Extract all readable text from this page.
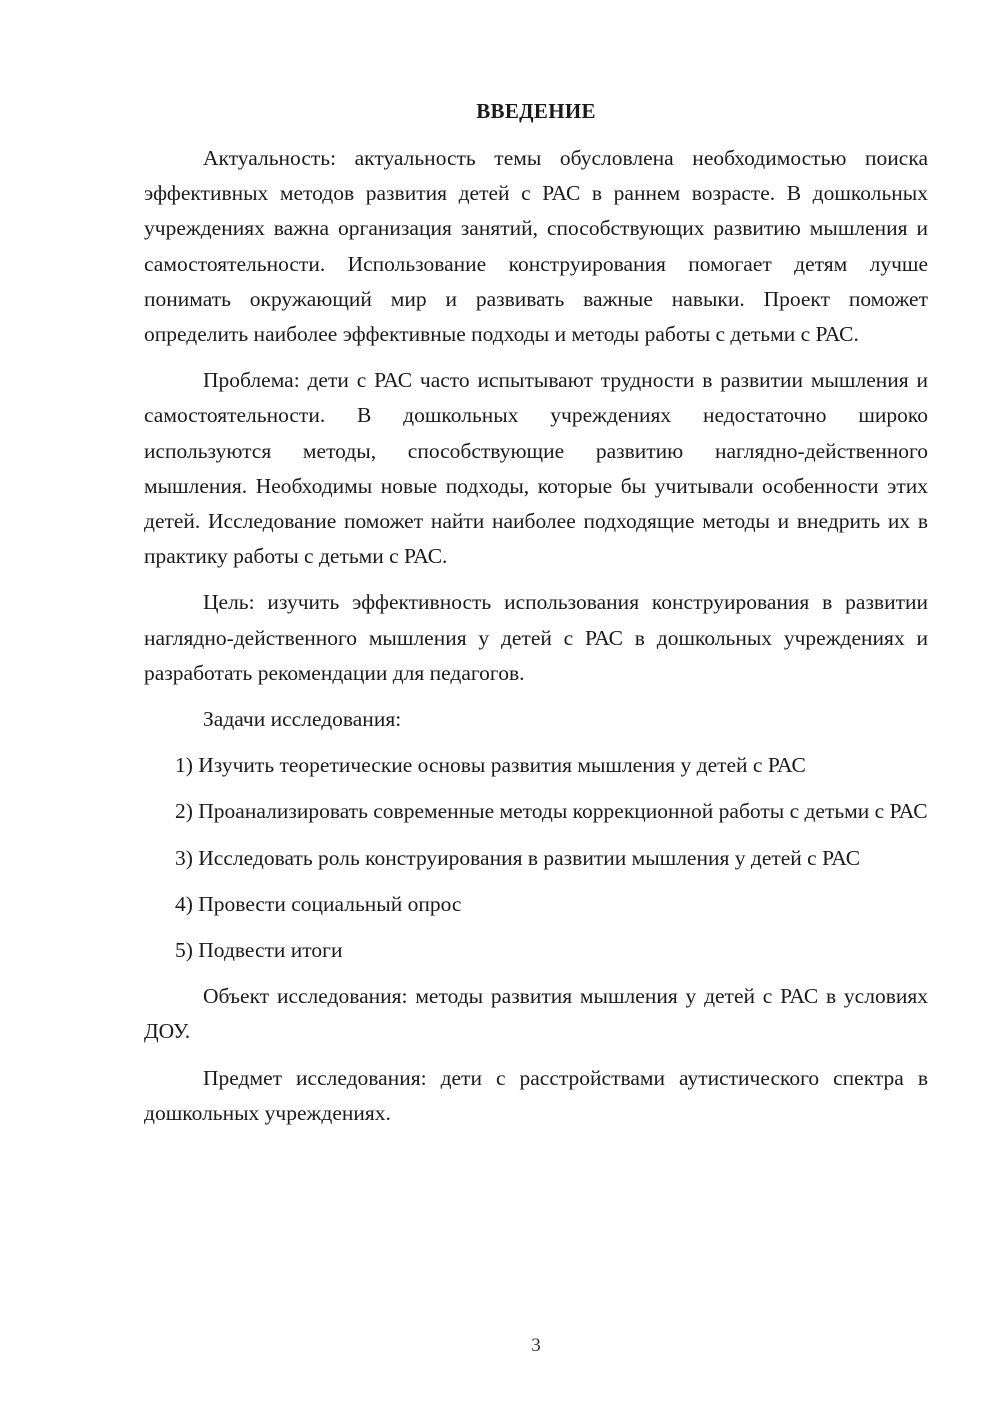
ВВЕДЕНИЕ

Актуальность: актуальность темы обусловлена необходимостью поиска эффективных методов развития детей с РАС в раннем возрасте. В дошкольных учреждениях важна организация занятий, способствующих развитию мышления и самостоятельности. Использование конструирования помогает детям лучше понимать окружающий мир и развивать важные навыки. Проект поможет определить наиболее эффективные подходы и методы работы с детьми с РАС.

Проблема: дети с РАС часто испытывают трудности в развитии мышления и самостоятельности. В дошкольных учреждениях недостаточно широко используются методы, способствующие развитию наглядно-действенного мышления. Необходимы новые подходы, которые бы учитывали особенности этих детей. Исследование поможет найти наиболее подходящие методы и внедрить их в практику работы с детьми с РАС.

Цель: изучить эффективность использования конструирования в развитии наглядно-действенного мышления у детей с РАС в дошкольных учреждениях и разработать рекомендации для педагогов.

Задачи исследования:

1) Изучить теоретические основы развития мышления у детей с РАС

2) Проанализировать современные методы коррекционной работы с детьми с РАС

3) Исследовать роль конструирования в развитии мышления у детей с РАС

4) Провести социальный опрос

5) Подвести итоги

Объект исследования: методы развития мышления у детей с РАС в условиях ДОУ.

Предмет исследования: дети с расстройствами аутистического спектра в дошкольных учреждениях.

3
